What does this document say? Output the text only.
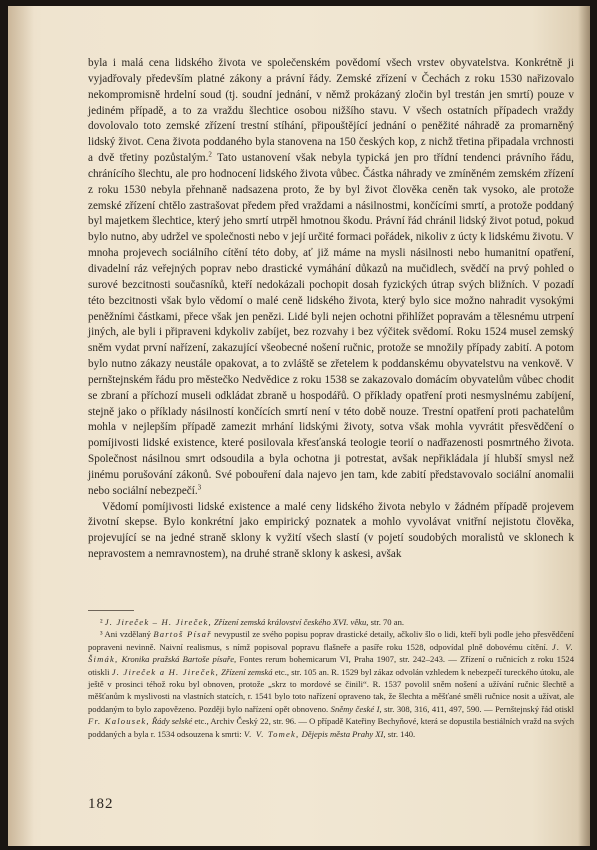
byla i malá cena lidského života ve společenském povědomí všech vrstev obyvatelstva. Konkrétně ji vyjadřovaly především platné zákony a právní řády. Zemské zřízení v Čechách z roku 1530 nařizovalo nekompromisně hrdelní soud (tj. soudní jednání, v němž prokázaný zločin byl trestán jen smrtí) pouze v jediném případě, a to za vraždu šlechtice osobou nižšího stavu. V všech ostatních případech vraždy dovolovalo toto zemské zřízení trestní stíhání, připouštějící jednání o peněžité náhradě za promarněný lidský život. Cena života poddaného byla stanovena na 150 českých kop, z nichž třetina připadala vrchnosti a dvě třetiny pozůstalým.$^2$ Tato ustanovení však nebyla typická jen pro třídní tendenci právního řádu, chránícího šlechtu, ale pro hodnocení lidského života vůbec. Částka náhrady ve zmíněném zemském zřízení z roku 1530 nebyla přehnaně nadsazena proto, že by byl život člověka ceněn tak vysoko, ale protože zemské zřízení chtělo zastrašovat předem před vraždami a násilnostmi, končícími smrtí, a protože poddaný byl majetkem šlechtice, který jeho smrtí utrpěl hmotnou škodu. Právní řád chránil lidský život potud, pokud bylo nutno, aby udržel ve společnosti nebo v její určité formaci pořádek, nikoliv z úcty k lidskému životu. V mnoha projevech sociálního cítění této doby, ať již máme na mysli násilnosti nebo humanitní opatření, divadelní ráz veřejných poprav nebo drastické vymáhání důkazů na mučidlech, svědčí na prvý pohled o surové bezcitnosti současníků, kteří nedokázali pochopit dosah fyzických útrap svých bližních. V pozadí této bezcitnosti však bylo vědomí o malé ceně lidského života, který bylo sice možno nahradit vysokými peněžními částkami, přece však jen penězi. Lidé byli nejen ochotni přihlížet popravám a tělesnému utrpení jiných, ale byli i připraveni kdykoliv zabíjet, bez rozvahy i bez výčitek svědomí. Roku 1524 musel zemský sněm vydat první nařízení, zakazující všeobecné nošení ručnic, protože se množily případy zabití. A potom bylo nutno zákazy neustále opakovat, a to zvláště se zřetelem k poddanskému obyvatelstvu na venkově. V pernštejnském řádu pro městečko Nedvědice z roku 1538 se zakazovalo domácím obyvatelům vůbec chodit se zbraní a příchozí museli odkládat zbraně u hospodářů. O příklady opatření proti nesmyslnému zabíjení, stejně jako o příklady násilností končících smrtí není v této době nouze. Trestní opatření proti pachatelům mohla v nejlepším případě zamezit mrhání lidskými životy, sotva však mohla vyvrátit přesvědčení o pomíjivosti lidské existence, které posilovala křesťanská teologie teorií o nadřazenosti posmrtného života. Společnost násilnou smrt odsoudila a byla ochotna ji potrestat, avšak nepřikládala jí hlubší smysl než jinému porušování zákonů. Své pobouření dala najevo jen tam, kde zabití představovalo sociální anomalii nebo sociální nebezpečí.$^3$

Vědomí pomíjivosti lidské existence a malé ceny lidského života nebylo v žádném případě projevem životní skepse. Bylo konkrétní jako empirický poznatek a mohlo vyvolávat vnitřní nejistotu člověka, projevující se na jedné straně sklony k vyžití všech slastí (v pojetí soudobých moralistů ve sklonech k nepravostem a nemravnostem), na druhé straně sklony k askesi, avšak

² J. Jireček – H. Jireček, Zřízení zemská království českého XVI. věku, str. 70 an.

³ Ani vzdělaný Bartoš Písař nevypustil ze svého popisu poprav drastické detaily, ačkoliv šlo o lidi, kteří byli podle jeho přesvědčení popraveni nevinně. Naivní realismus, s nímž popisoval popravu flašneře a pasíře roku 1528, odpovídal plně dobovému cítění. J. V. Šimák, Kronika pražská Bartoše písaře, Fontes rerum bohemicarum VI, Praha 1907, str. 242–243. — Zřízení o ručnicích z roku 1524 otiskli J. Jireček a H. Jireček, Zřízení zemská etc., str. 105 an. R. 1529 byl zákaz odvolán vzhledem k nebezpečí tureckého útoku, ale ještě v prosinci téhož roku byl obnoven, protože „skrz to mordové se činili“. R. 1537 povolil sněm nošení a užívání ručnic šlechtě a měšťanům k myslivosti na vlastních statcích, r. 1541 bylo toto nařízení opraveno tak, že šlechta a měšťané směli ručnice nosit a užívat, ale poddaným to bylo zapovězeno. Později bylo nařízení opět obnoveno. Sněmy české I, str. 308, 316, 411, 497, 590. — Pernštejnský řád otiskl Fr. Kalousek, Řády selské etc., Archiv Český 22, str. 96. — O případě Kateřiny Bechyňové, která se dopustila bestiálních vražd na svých poddaných a byla r. 1534 odsouzena k smrti: V. V. Tomek, Dějepis města Prahy XI, str. 140.

182
